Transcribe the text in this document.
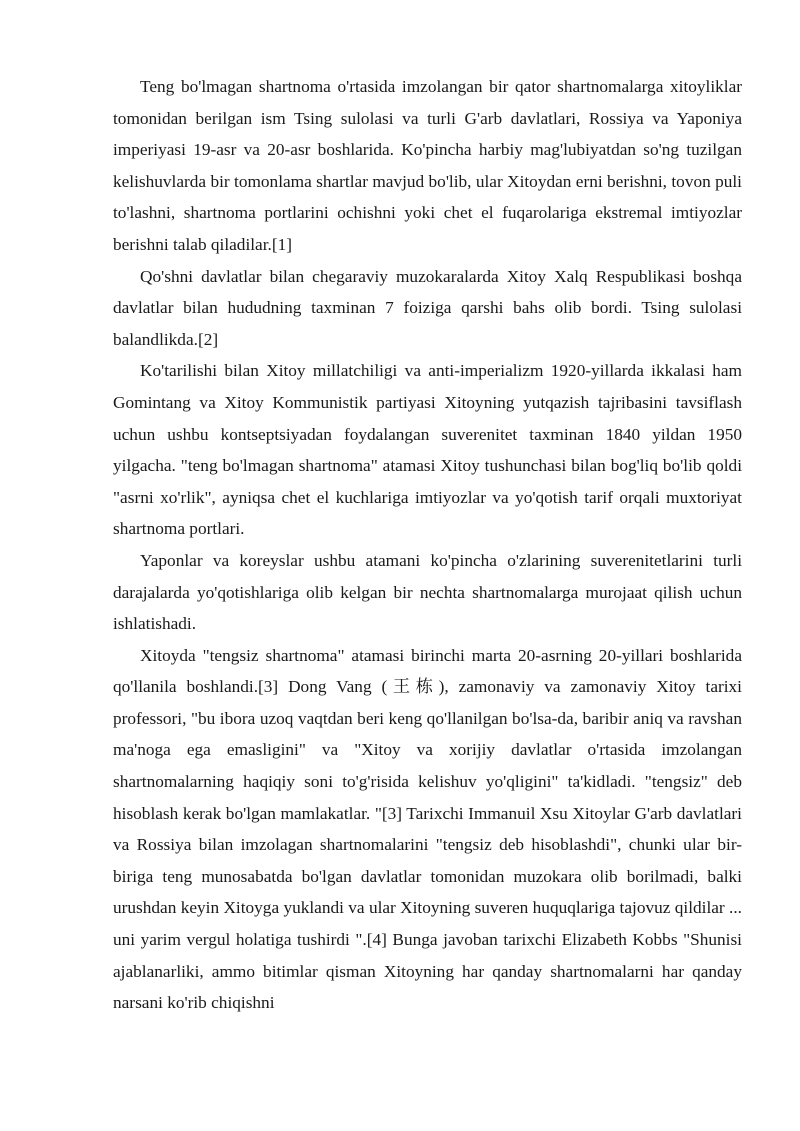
Teng bo'lmagan shartnoma o'rtasida imzolangan bir qator shartnomalarga xitoyliklar tomonidan berilgan ism Tsing sulolasi va turli G'arb davlatlari, Rossiya va Yaponiya imperiyasi 19-asr va 20-asr boshlarida. Ko'pincha harbiy mag'lubiyatdan so'ng tuzilgan kelishuvlarda bir tomonlama shartlar mavjud bo'lib, ular Xitoydan erni berishni, tovon puli to'lashni, shartnoma portlarini ochishni yoki chet el fuqarolariga ekstremal imtiyozlar berishni talab qiladilar.[1]

Qo'shni davlatlar bilan chegaraviy muzokaralarda Xitoy Xalq Respublikasi boshqa davlatlar bilan hududning taxminan 7 foiziga qarshi bahs olib bordi. Tsing sulolasi balandlikda.[2]

Ko'tarilishi bilan Xitoy millatchiligi va anti-imperializm 1920-yillarda ikkalasi ham Gomintang va Xitoy Kommunistik partiyasi Xitoyning yutqazish tajribasini tavsiflash uchun ushbu kontseptsiyadan foydalangan suverenitet taxminan 1840 yildan 1950 yilgacha. "teng bo'lmagan shartnoma" atamasi Xitoy tushunchasi bilan bog'liq bo'lib qoldi "asrni xo'rlik", ayniqsa chet el kuchlariga imtiyozlar va yo'qotish tarif orqali muxtoriyat shartnoma portlari.

Yaponlar va koreyslar ushbu atamani ko'pincha o'zlarining suverenitetlarini turli darajalarda yo'qotishlariga olib kelgan bir nechta shartnomalarga murojaat qilish uchun ishlatishadi.

Xitoyda "tengsiz shartnoma" atamasi birinchi marta 20-asrning 20-yillari boshlarida qo'llanila boshlandi.[3] Dong Vang (王栋), zamonaviy va zamonaviy Xitoy tarixi professori, "bu ibora uzoq vaqtdan beri keng qo'llanilgan bo'lsa-da, baribir aniq va ravshan ma'noga ega emasligini" va "Xitoy va xorijiy davlatlar o'rtasida imzolangan shartnomalarning haqiqiy soni to'g'risida kelishuv yo'qligini" ta'kidladi. "tengsiz" deb hisoblash kerak bo'lgan mamlakatlar. "[3] Tarixchi Immanuil Xsu Xitoylar G'arb davlatlari va Rossiya bilan imzolagan shartnomalarini "tengsiz deb hisoblashdi", chunki ular bir-biriga teng munosabatda bo'lgan davlatlar tomonidan muzokara olib borilmadi, balki urushdan keyin Xitoyga yuklandi va ular Xitoyning suveren huquqlariga tajovuz qildilar ... uni yarim vergul holatiga tushirdi ".[4] Bunga javoban tarixchi Elizabeth Kobbs "Shunisi ajablanarliki, ammo bitimlar qisman Xitoyning har qanday shartnomalarni har qanday narsani ko'rib chiqishni
